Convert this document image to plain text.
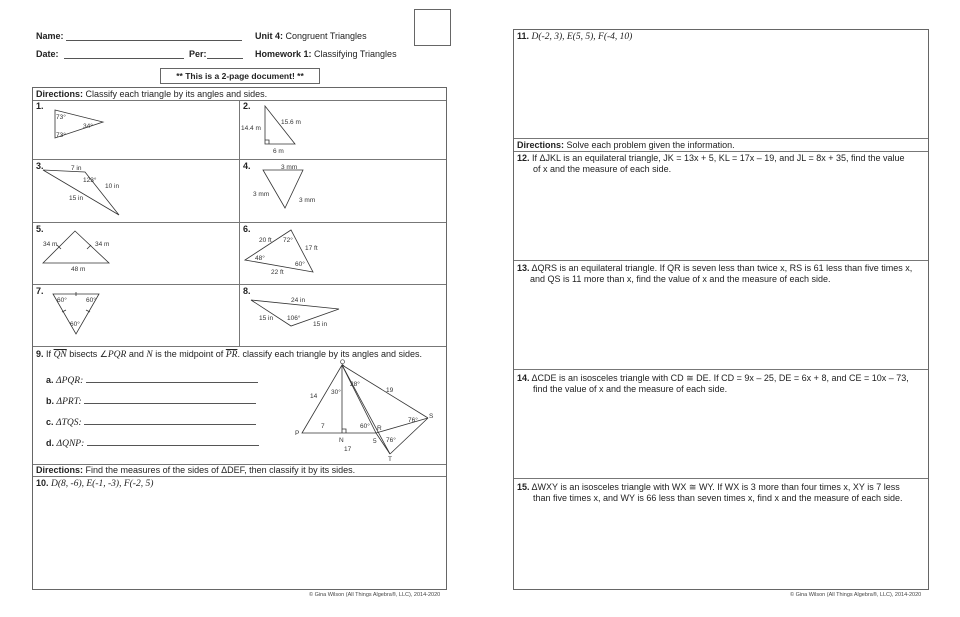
Name:
Date:	Per:
Unit 4: Congruent Triangles
Homework 1: Classifying Triangles
** This is a 2-page document! **
Directions: Classify each triangle by its angles and sides.
1.	2.
3.	4.
5.	6.
7.	8.
73°
34°
73°
14.4 m
15.6 m
6 m
7 in
123°
10 in
15 in
3 mm
3 mm
3 mm
34 m	34 m
48 m
20 ft 72°
17 ft
48°
60°
22 ft
60°	60°
60°
24 in
15 in 106°
15 in
9. If $\overline{QN}$ bisects ∠PQR and N is the midpoint of $\overline{PR}$. classify each triangle by its angles and sides.
a. ΔPQR:
b. ΔPRT:
c. ΔTQS:
d. ΔQNP:
Q
28°
30°
14
19
S
76°
P
7
N
60° R
5 76°
17
T
Directions: Find the measures of the sides of ΔDEF, then classify it by its sides.
10. D(8, -6), E(-1, -3), F(-2, 5)
© Gina Wilson (All Things Algebra®, LLC), 2014-2020
11. D(-2, 3), E(5, 5), F(-4, 10)
Directions: Solve each problem given the information.
12. If ΔJKL is an equilateral triangle, JK = 13x + 5, KL = 17x – 19, and JL = 8x + 35, find the value
of x and the measure of each side.
13. ΔQRS is an equilateral triangle. If QR is seven less than twice x, RS is 61 less than five times x,
and QS is 11 more than x, find the value of x and the measure of each side.
14. ΔCDE is an isosceles triangle with CD ≅ DE. If CD = 9x – 25, DE = 6x + 8, and CE = 10x – 73,
find the value of x and the measure of each side.
15. ΔWXY is an isosceles triangle with WX ≅ WY. If WX is 3 more than four times x, XY is 7 less
than five times x, and WY is 66 less than seven times x, find x and the measure of each side.
© Gina Wilson (All Things Algebra®, LLC), 2014-2020
